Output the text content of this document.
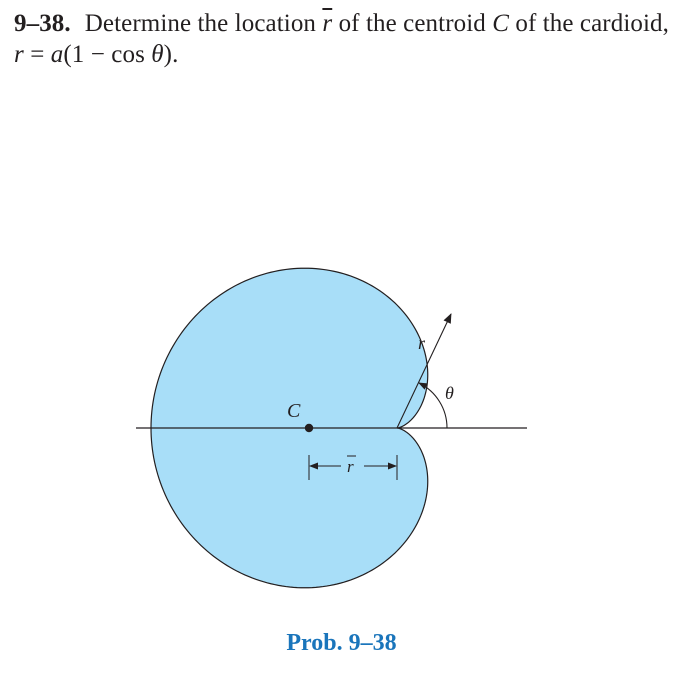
9–38. Determine the location $\overline{r}$ of the centroid C of the cardioid, r = a(1 − cos θ).
r
θ
C
r
Prob. 9–38
